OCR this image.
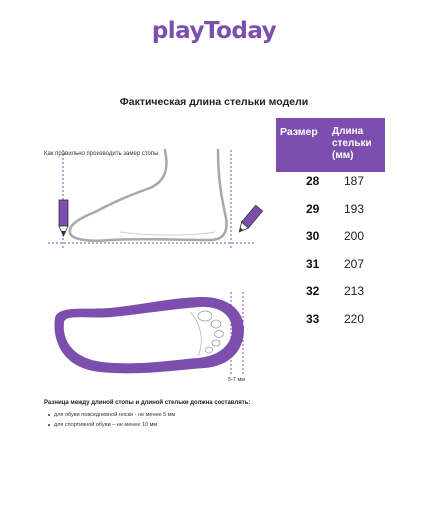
playToday
Фактическая длина стельки модели
Как правильно производить замер стопы
5-7 мм
Размер Длина
стельки
(мм)
28 187
29 193
30 200
31 207
32 213
33 220
Разница между длиной стопы и длиной стельки должна составлять:
для обуви повседневной носки - не менее 5 мм
для спортивной обуви – не менее 10 мм
